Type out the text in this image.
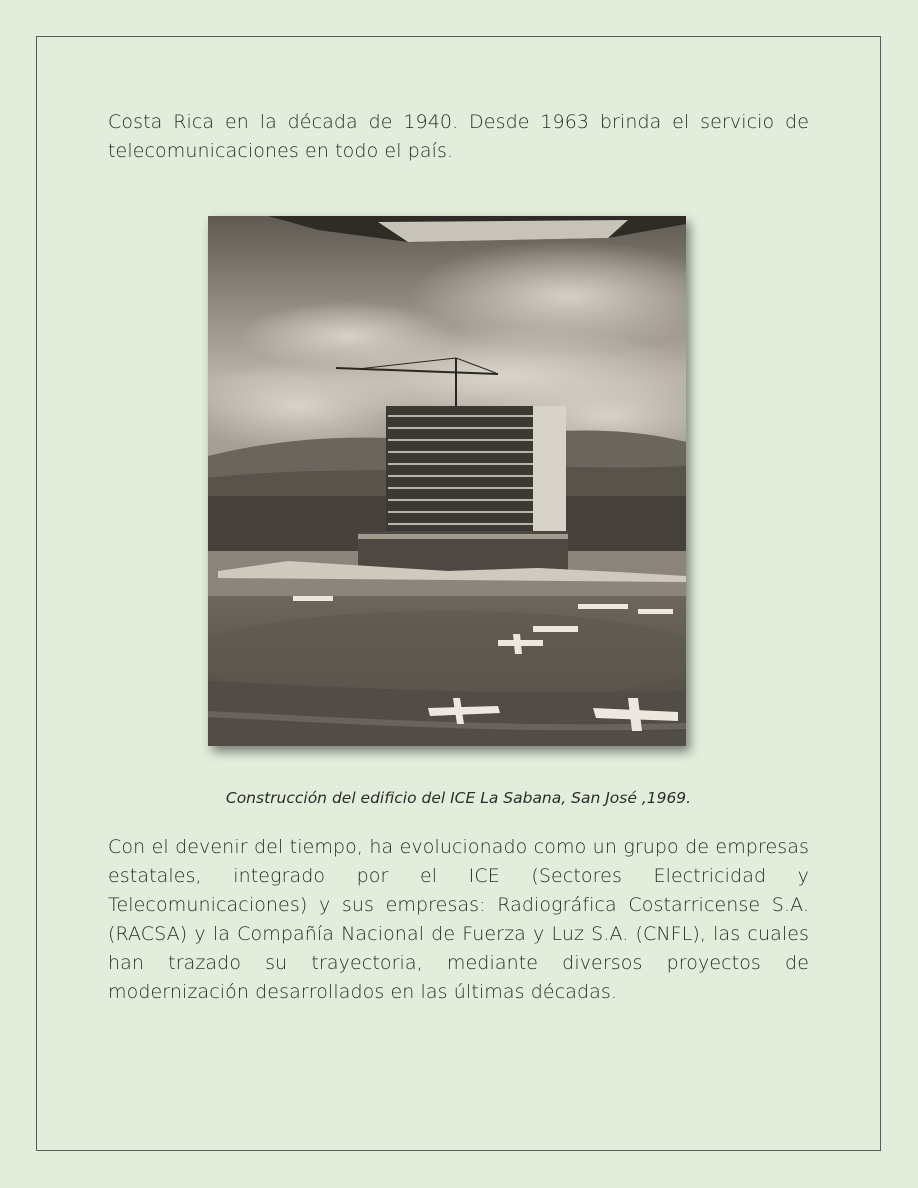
Costa Rica en la década de 1940. Desde 1963 brinda el servicio de telecomunicaciones en todo el país.

Construcción del edificio del ICE La Sabana, San José ,1969.

Con el devenir del tiempo, ha evolucionado como un grupo de empresas estatales, integrado por el ICE (Sectores Electricidad y Telecomunicaciones) y sus empresas: Radiográfica Costarricense S.A. (RACSA) y la Compañía Nacional de Fuerza y Luz S.A. (CNFL), las cuales han trazado su trayectoria, mediante diversos proyectos de modernización desarrollados en las últimas décadas.
